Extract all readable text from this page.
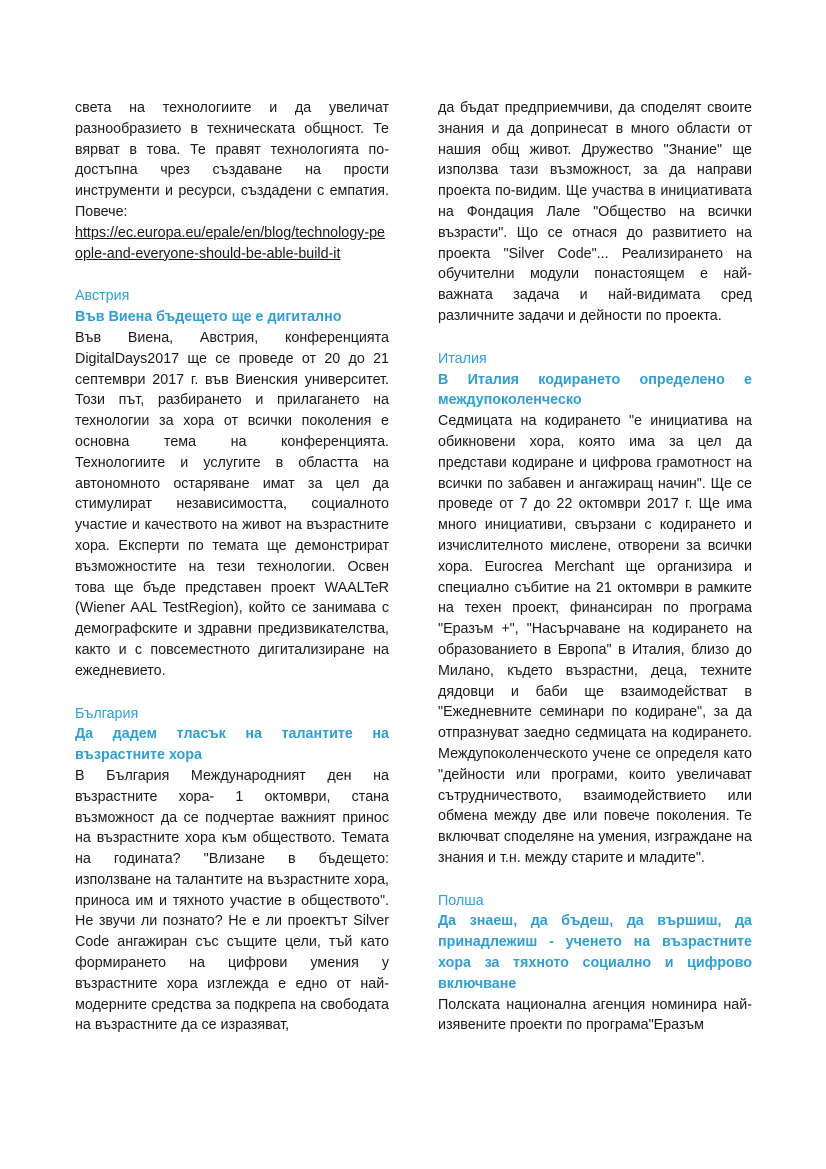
света на технологиите и да увеличат разнообразието в техническата общност. Те вярват в това. Те правят технологията по-достъпна чрез създаване на прости инструменти и ресурси, създадени с емпатия. Повече:

https://ec.europa.eu/epale/en/blog/technology-people-and-everyone-should-be-able-build-it
Австрия
Във Виена бъдещето ще е дигитално

Във Виена, Австрия, конференцията DigitalDays2017 ще се проведе от 20 до 21 септември 2017 г. във Виенския университет. Този път, разбирането и прилагането на технологии за хора от всички поколения е основна тема на конференцията. Технологиите и услугите в областта на автономното остаряване имат за цел да стимулират независимостта, социалното участие и качеството на живот на възрастните хора. Експерти по темата ще демонстрират възможностите на тези технологии. Освен това ще бъде представен проект WAALTeR (Wiener AAL TestRegion), който се занимава с демографските и здравни предизвикателства, както и с повсеместното дигитализиране на ежедневието.

България
Да дадем тласък на талантите на възрастните хора

В България Международният ден на възрастните хора- 1 октомври, стана възможност да се подчертае важният принос на възрастните хора към обществото. Темата на годината? "Влизане в бъдещето: използване на талантите на възрастните хора, приноса им и тяхното участие в обществото". Не звучи ли познато? Не е ли проектът Silver Code ангажиран със същите цели, тъй като формирането на цифрови умения у възрастните хора изглежда е едно от най-модерните средства за подкрепа на свободата на възрастните да се изразяват,

да бъдат предприемчиви, да споделят своите знания и да допринесат в много области от нашия общ живот. Дружество "Знание" ще използва тази възможност, за да направи проекта по-видим. Ще участва в инициативата на Фондация Лале "Общество на всички възрасти". Що се отнася до развитието на проекта "Silver Code"... Реализирането на обучителни модули понастоящем е най-важната задача и най-видимата сред различните задачи и дейности по проекта.

Италия
В Италия кодирането определено е междупоколенческо

Седмицата на кодирането "е инициатива на обикновени хора, която има за цел да представи кодиране и цифрова грамотност на всички по забавен и ангажиращ начин". Ще се проведе от 7 до 22 октомври 2017 г. Ще има много инициативи, свързани с кодирането и изчислителното мислене, отворени за всички хора. Eurocrea Merchant ще организира и специално събитие на 21 октомври в рамките на техен проект, финансиран по програма "Еразъм +", "Насърчаване на кодирането на образованието в Европа" в Италия, близо до Милано, където възрастни, деца, техните дядовци и баби ще взаимодействат в "Ежедневните семинари по кодиране", за да отпразнуват заедно седмицата на кодирането. Междупоколенческото учене се определя като "дейности или програми, които увеличават сътрудничеството, взаимодействието или обмена между две или повече поколения. Те включват споделяне на умения, изграждане на знания и т.н. между старите и младите".

Полша
Да знаеш, да бъдеш, да вършиш, да принадлежиш - ученето на възрастните хора за тяхното социално и цифрово включване

Полската национална агенция номинира най-изявените проекти по програма"Еразъм
